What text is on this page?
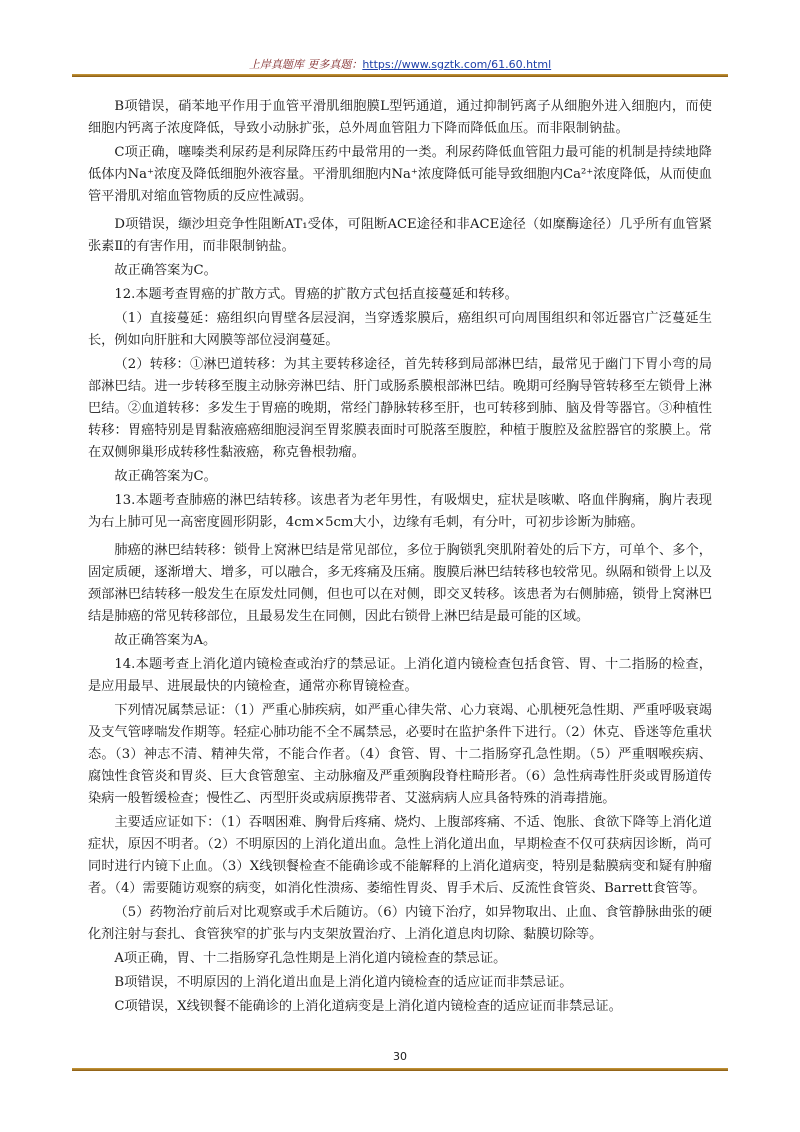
上岸真题库 更多真题：https://www.sgztk.com/61.60.html

B项错误，硝苯地平作用于血管平滑肌细胞膜L型钙通道，通过抑制钙离子从细胞外进入细胞内，而使细胞内钙离子浓度降低，导致小动脉扩张，总外周血管阻力下降而降低血压。而非限制钠盐。

C项正确，噻嗪类利尿药是利尿降压药中最常用的一类。利尿药降低血管阻力最可能的机制是持续地降低体内Na⁺浓度及降低细胞外液容量。平滑肌细胞内Na⁺浓度降低可能导致细胞内Ca²⁺浓度降低，从而使血管平滑肌对缩血管物质的反应性减弱。

D项错误，缬沙坦竞争性阻断AT₁受体，可阻断ACE途径和非ACE途径（如糜酶途径）几乎所有血管紧张素Ⅱ的有害作用，而非限制钠盐。

故正确答案为C。

12.本题考查胃癌的扩散方式。胃癌的扩散方式包括直接蔓延和转移。

（1）直接蔓延：癌组织向胃壁各层浸润，当穿透浆膜后，癌组织可向周围组织和邻近器官广泛蔓延生长，例如向肝脏和大网膜等部位浸润蔓延。

（2）转移：①淋巴道转移：为其主要转移途径，首先转移到局部淋巴结，最常见于幽门下胃小弯的局部淋巴结。进一步转移至腹主动脉旁淋巴结、肝门或肠系膜根部淋巴结。晚期可经胸导管转移至左锁骨上淋巴结。②血道转移：多发生于胃癌的晚期，常经门静脉转移至肝，也可转移到肺、脑及骨等器官。③种植性转移：胃癌特别是胃黏液癌癌细胞浸润至胃浆膜表面时可脱落至腹腔，种植于腹腔及盆腔器官的浆膜上。常在双侧卵巢形成转移性黏液癌，称克鲁根勃瘤。

故正确答案为C。

13.本题考查肺癌的淋巴结转移。该患者为老年男性，有吸烟史，症状是咳嗽、咯血伴胸痛，胸片表现为右上肺可见一高密度圆形阴影，4cm×5cm大小，边缘有毛刺，有分叶，可初步诊断为肺癌。

肺癌的淋巴结转移：锁骨上窝淋巴结是常见部位，多位于胸锁乳突肌附着处的后下方，可单个、多个，固定质硬，逐渐增大、增多，可以融合，多无疼痛及压痛。腹膜后淋巴结转移也较常见。纵隔和锁骨上以及颈部淋巴结转移一般发生在原发灶同侧，但也可以在对侧，即交叉转移。该患者为右侧肺癌，锁骨上窝淋巴结是肺癌的常见转移部位，且最易发生在同侧，因此右锁骨上淋巴结是最可能的区域。

故正确答案为A。

14.本题考查上消化道内镜检查或治疗的禁忌证。上消化道内镜检查包括食管、胃、十二指肠的检查，是应用最早、进展最快的内镜检查，通常亦称胃镜检查。

下列情况属禁忌证：（1）严重心肺疾病，如严重心律失常、心力衰竭、心肌梗死急性期、严重呼吸衰竭及支气管哮喘发作期等。轻症心肺功能不全不属禁忌，必要时在监护条件下进行。（2）休克、昏迷等危重状态。（3）神志不清、精神失常，不能合作者。（4）食管、胃、十二指肠穿孔急性期。（5）严重咽喉疾病、腐蚀性食管炎和胃炎、巨大食管憩室、主动脉瘤及严重颈胸段脊柱畸形者。（6）急性病毒性肝炎或胃肠道传染病一般暂缓检查；慢性乙、丙型肝炎或病原携带者、艾滋病病人应具备特殊的消毒措施。

主要适应证如下：（1）吞咽困难、胸骨后疼痛、烧灼、上腹部疼痛、不适、饱胀、食欲下降等上消化道症状，原因不明者。（2）不明原因的上消化道出血。急性上消化道出血，早期检查不仅可获病因诊断，尚可同时进行内镜下止血。（3）X线钡餐检查不能确诊或不能解释的上消化道病变，特别是黏膜病变和疑有肿瘤者。（4）需要随访观察的病变，如消化性溃疡、萎缩性胃炎、胃手术后、反流性食管炎、Barrett食管等。

（5）药物治疗前后对比观察或手术后随访。（6）内镜下治疗，如异物取出、止血、食管静脉曲张的硬化剂注射与套扎、食管狭窄的扩张与内支架放置治疗、上消化道息肉切除、黏膜切除等。

A项正确，胃、十二指肠穿孔急性期是上消化道内镜检查的禁忌证。

B项错误，不明原因的上消化道出血是上消化道内镜检查的适应证而非禁忌证。

C项错误，X线钡餐不能确诊的上消化道病变是上消化道内镜检查的适应证而非禁忌证。

30
